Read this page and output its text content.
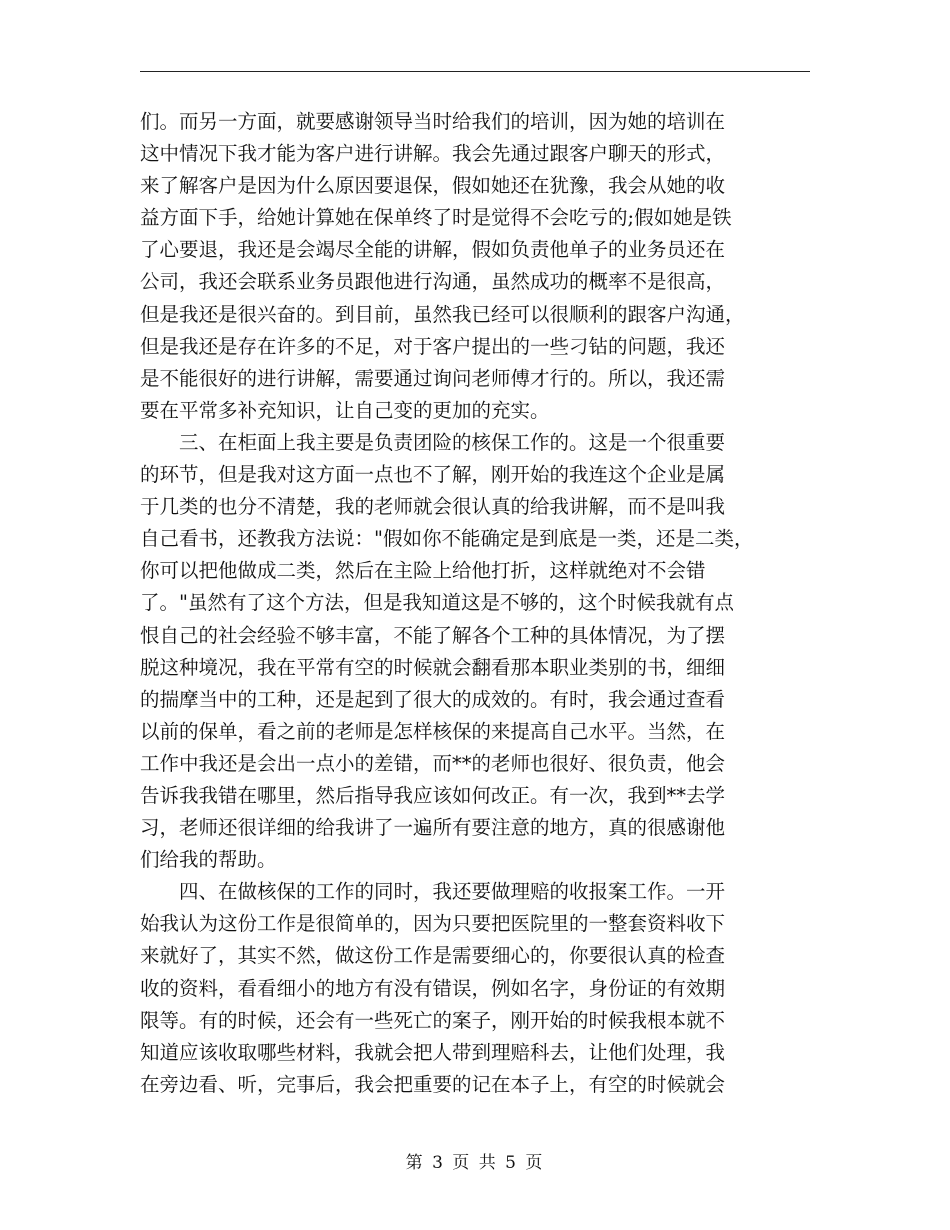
们。而另一方面，就要感谢领导当时给我们的培训，因为她的培训在
这中情况下我才能为客户进行讲解。我会先通过跟客户聊天的形式，
来了解客户是因为什么原因要退保，假如她还在犹豫，我会从她的收
益方面下手，给她计算她在保单终了时是觉得不会吃亏的;假如她是铁
了心要退，我还是会竭尽全能的讲解，假如负责他单子的业务员还在
公司，我还会联系业务员跟他进行沟通，虽然成功的概率不是很高，
但是我还是很兴奋的。到目前，虽然我已经可以很顺利的跟客户沟通，
但是我还是存在许多的不足，对于客户提出的一些刁钻的问题，我还
是不能很好的进行讲解，需要通过询问老师傅才行的。所以，我还需
要在平常多补充知识，让自己变的更加的充实。
　　三、在柜面上我主要是负责团险的核保工作的。这是一个很重要
的环节，但是我对这方面一点也不了解，刚开始的我连这个企业是属
于几类的也分不清楚，我的老师就会很认真的给我讲解，而不是叫我
自己看书，还教我方法说："假如你不能确定是到底是一类，还是二类，
你可以把他做成二类，然后在主险上给他打折，这样就绝对不会错
了。"虽然有了这个方法，但是我知道这是不够的，这个时候我就有点
恨自己的社会经验不够丰富，不能了解各个工种的具体情况，为了摆
脱这种境况，我在平常有空的时候就会翻看那本职业类别的书，细细
的揣摩当中的工种，还是起到了很大的成效的。有时，我会通过查看
以前的保单，看之前的老师是怎样核保的来提高自己水平。当然，在
工作中我还是会出一点小的差错，而**的老师也很好、很负责，他会
告诉我我错在哪里，然后指导我应该如何改正。有一次，我到**去学
习，老师还很详细的给我讲了一遍所有要注意的地方，真的很感谢他
们给我的帮助。
　　四、在做核保的工作的同时，我还要做理赔的收报案工作。一开
始我认为这份工作是很简单的，因为只要把医院里的一整套资料收下
来就好了，其实不然，做这份工作是需要细心的，你要很认真的检查
收的资料，看看细小的地方有没有错误，例如名字，身份证的有效期
限等。有的时候，还会有一些死亡的案子，刚开始的时候我根本就不
知道应该收取哪些材料，我就会把人带到理赔科去，让他们处理，我
在旁边看、听，完事后，我会把重要的记在本子上，有空的时候就会
第 3 页 共 5 页
